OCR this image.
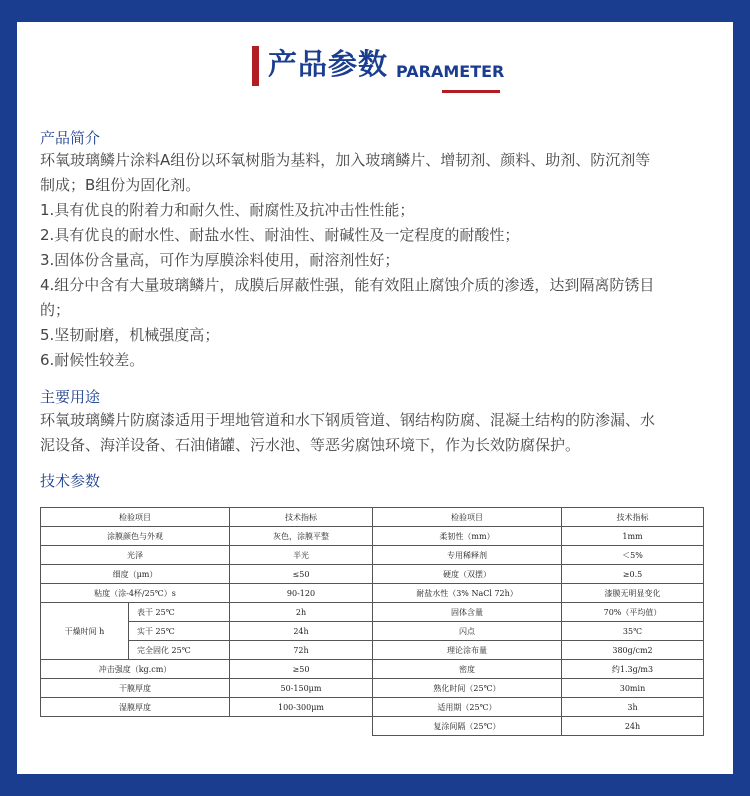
产品参数 PARAMETER
产品简介

环氧玻璃鳞片涂料A组份以环氧树脂为基料，加入玻璃鳞片、增韧剂、颜料、助剂、防沉剂等

制成；B组份为固化剂。

1.具有优良的附着力和耐久性、耐腐性及抗冲击性性能；

2.具有优良的耐水性、耐盐水性、耐油性、耐碱性及一定程度的耐酸性；

3.固体份含量高，可作为厚膜涂料使用，耐溶剂性好；

4.组分中含有大量玻璃鳞片，成膜后屏蔽性强，能有效阻止腐蚀介质的渗透，达到隔离防锈目

的；

5.坚韧耐磨，机械强度高；

6.耐候性较差。

主要用途

环氧玻璃鳞片防腐漆适用于埋地管道和水下钢质管道、钢结构防腐、混凝土结构的防渗漏、水

泥设备、海洋设备、石油储罐、污水池、等恶劣腐蚀环境下，作为长效防腐保护。

技术参数
检验项目		技术指标
涂膜颜色与外观		灰色，涂膜平整
光泽		半光
细度（μm）		≤50
粘度（涂-4杯/25℃）s		90-120
干燥时间 h	表干 25℃	2h
	实干 25℃	24h
	完全固化 25℃	72h
冲击强度（kg.cm）		≥50
干膜厚度		50-150μm
湿膜厚度		100-300μm
检验项目	技术指标
柔韧性（mm）	1mm
专用稀释剂	＜5%
硬度（双摆）	≥0.5
耐盐水性（3% NaCl 72h）	漆膜无明显变化
固体含量	70%（平均值）
闪点	35℃
理论涂布量	380g/cm2
密度	约1.3g/m3
熟化时间（25℃）	30min
适用期（25℃）	3h
复涂间隔（25℃）	24h
